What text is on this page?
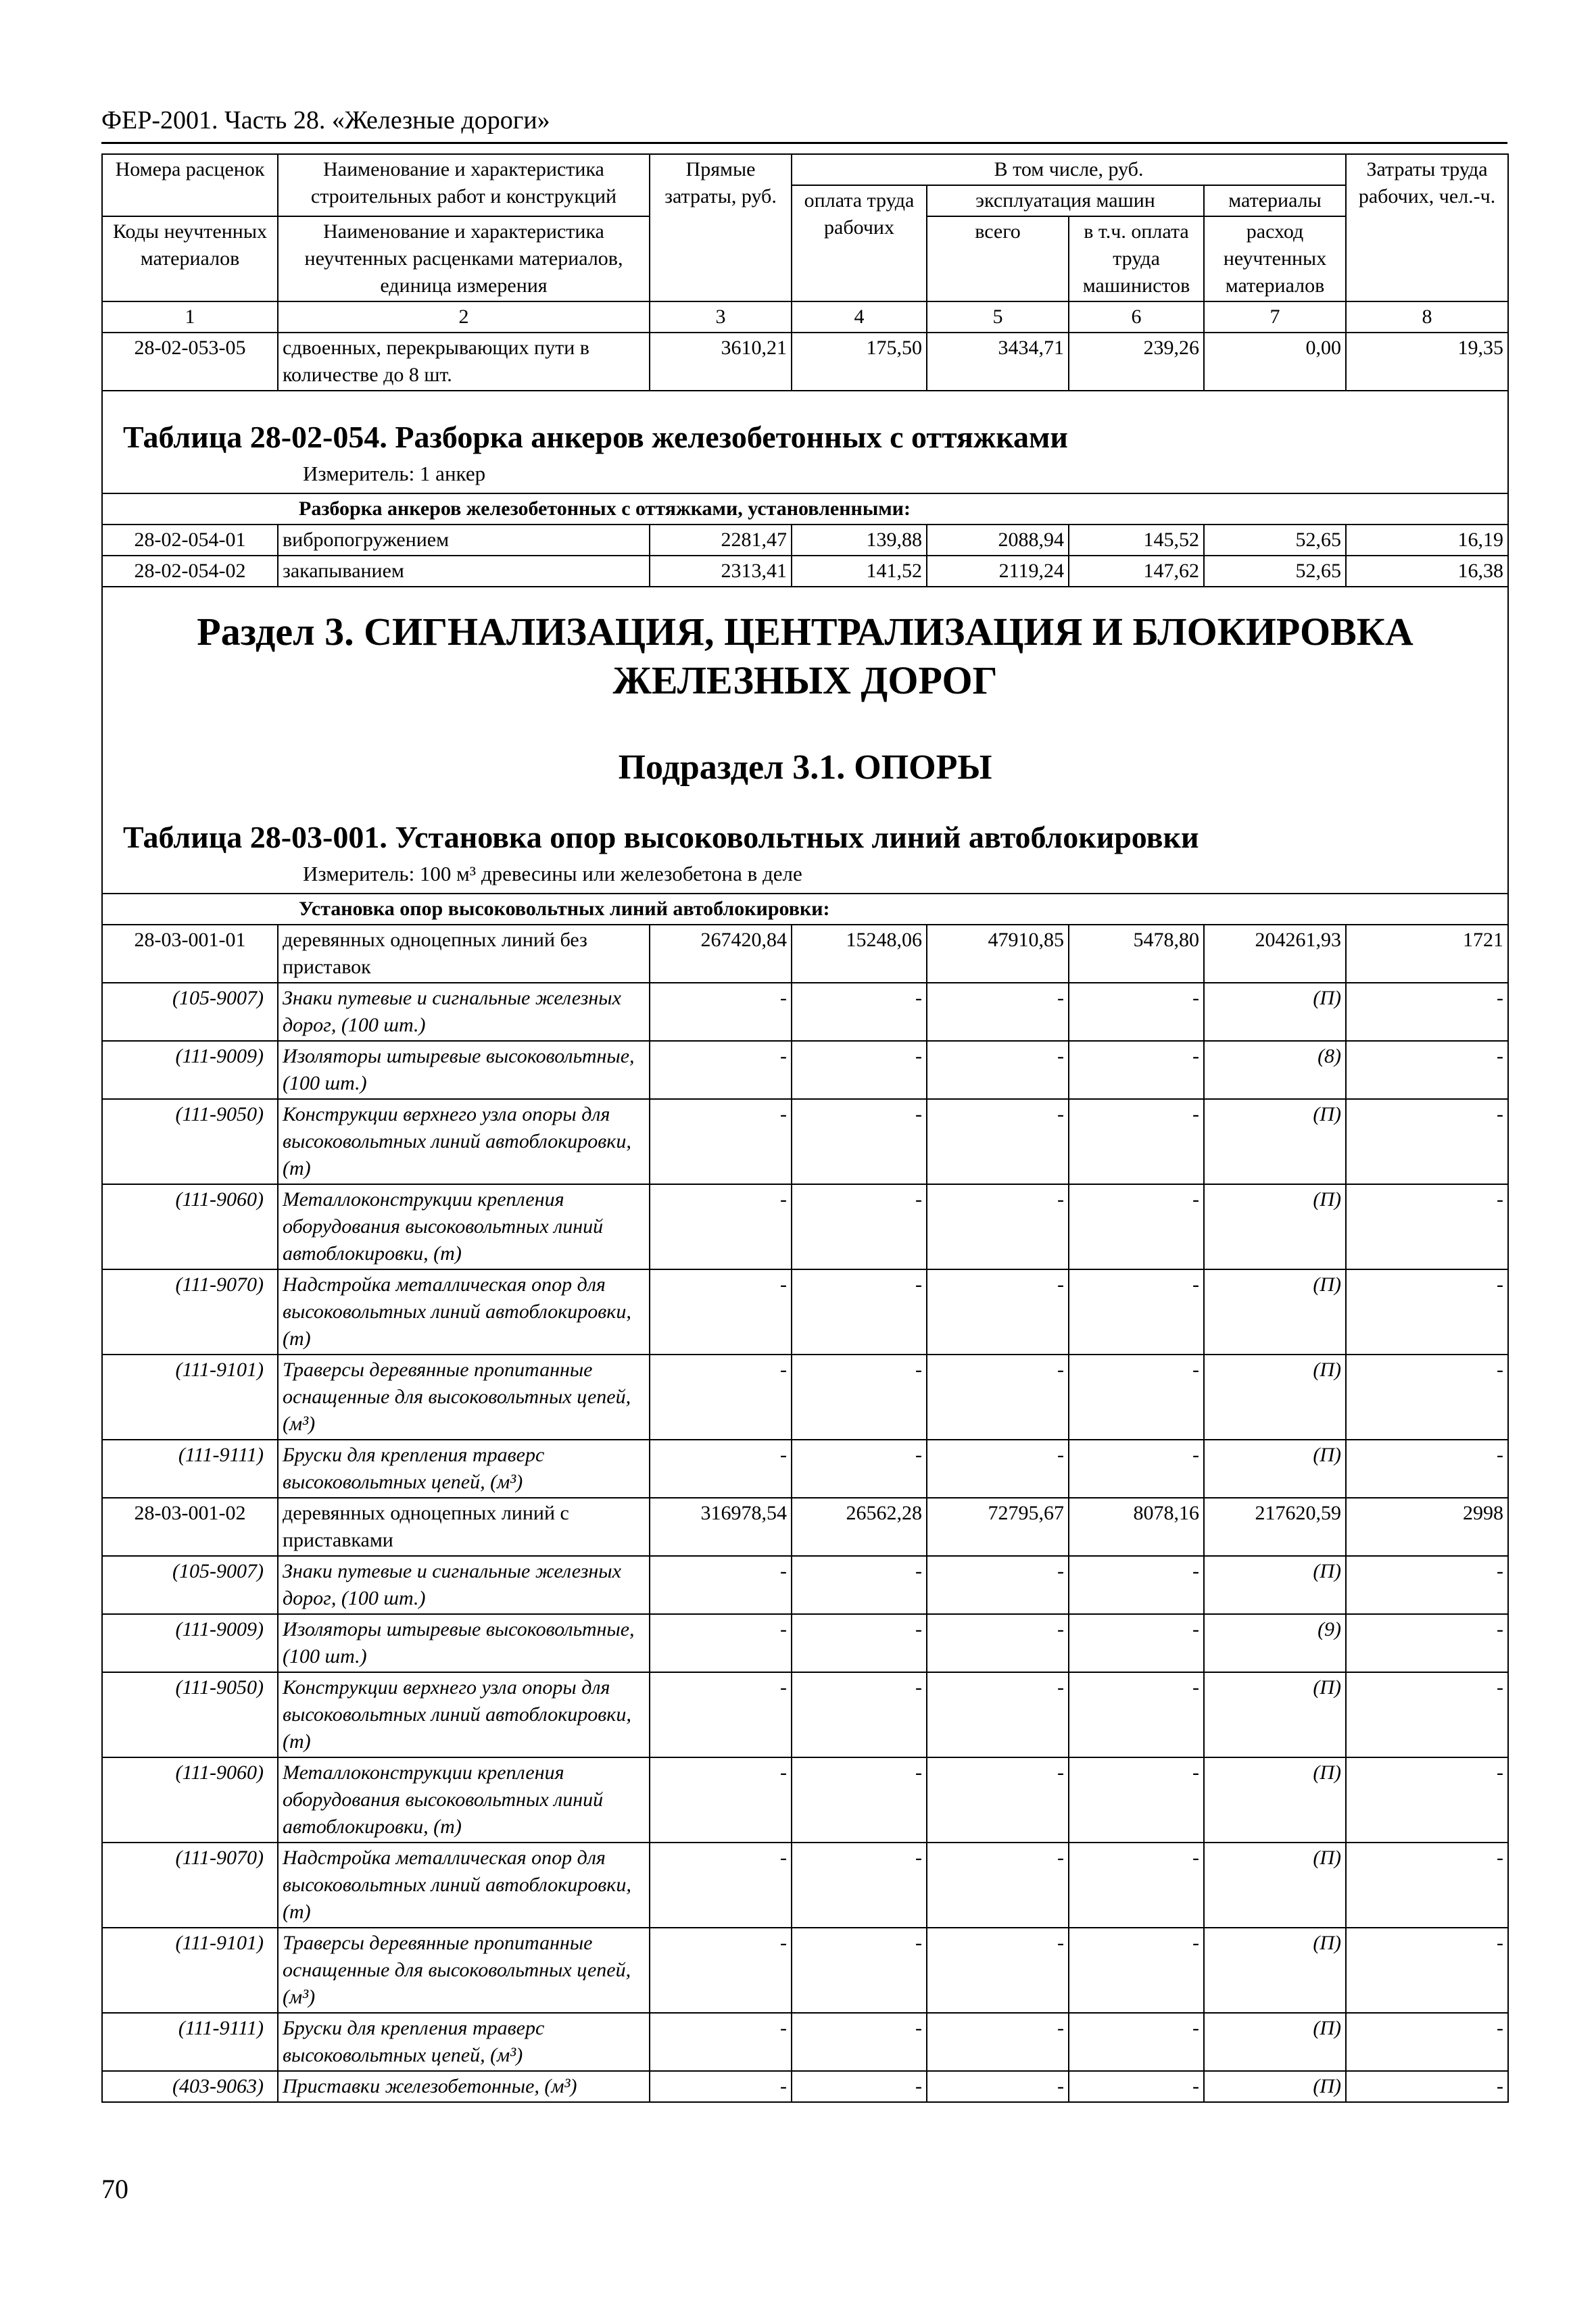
ФЕР-2001. Часть 28. «Железные дороги»
Номера расценок	Наименование и характеристика строительных работ и конструкций	Прямые затраты, руб.	В том числе, руб.				Затраты труда рабочих, чел.-ч.
			оплата труда рабочих	эксплуатация машин		материалы	
				всего	в т.ч. оплата труда машинистов	расход неучтенных материалов	
Коды неучтенных материалов	Наименование и характеристика неучтенных расценками материалов, единица измерения						
1	2	3	4	5	6	7	8
28-02-053-05	сдвоенных, перекрывающих пути в количестве до 8 шт.	3610,21	175,50	3434,71	239,26	0,00	19,35

Таблица 28-02-054. Разборка анкеров железобетонных с оттяжками
Измеритель: 1 анкер							

Разборка анкеров железобетонных с оттяжками, установленными:							
28-02-054-01	вибропогружением	2281,47	139,88	2088,94	145,52	52,65	16,19
28-02-054-02	закапыванием	2313,41	141,52	2119,24	147,62	52,65	16,38

Раздел 3. СИГНАЛИЗАЦИЯ, ЦЕНТРАЛИЗАЦИЯ И БЛОКИРОВКА ЖЕЛЕЗНЫХ ДОРОГ
Подраздел 3.1. ОПОРЫ
Таблица 28-03-001. Установка опор высоковольтных линий автоблокировки
Измеритель: 100 м³ древесины или железобетона в деле							

Установка опор высоковольтных линий автоблокировки:							
28-03-001-01	деревянных одноцепных линий без приставок	267420,84	15248,06	47910,85	5478,80	204261,93	1721
(105-9007)	Знаки путевые и сигнальные железных дорог, (100 шт.)	-	-	-	-	(П)	-
(111-9009)	Изоляторы штыревые высоковольтные, (100 шт.)	-	-	-	-	(8)	-
(111-9050)	Конструкции верхнего узла опоры для высоковольтных линий автоблокировки, (т)	-	-	-	-	(П)	-
(111-9060)	Металлоконструкции крепления оборудования высоковольтных линий автоблокировки, (т)	-	-	-	-	(П)	-
(111-9070)	Надстройка металлическая опор для высоковольтных линий автоблокировки, (т)	-	-	-	-	(П)	-
(111-9101)	Траверсы деревянные пропитанные оснащенные для высоковольтных цепей, (м³)	-	-	-	-	(П)	-
(111-9111)	Бруски для крепления траверс высоковольтных цепей, (м³)	-	-	-	-	(П)	-
28-03-001-02	деревянных одноцепных линий с приставками	316978,54	26562,28	72795,67	8078,16	217620,59	2998
(105-9007)	Знаки путевые и сигнальные железных дорог, (100 шт.)	-	-	-	-	(П)	-
(111-9009)	Изоляторы штыревые высоковольтные, (100 шт.)	-	-	-	-	(9)	-
(111-9050)	Конструкции верхнего узла опоры для высоковольтных линий автоблокировки, (т)	-	-	-	-	(П)	-
(111-9060)	Металлоконструкции крепления оборудования высоковольтных линий автоблокировки, (т)	-	-	-	-	(П)	-
(111-9070)	Надстройка металлическая опор для высоковольтных линий автоблокировки, (т)	-	-	-	-	(П)	-
(111-9101)	Траверсы деревянные пропитанные оснащенные для высоковольтных цепей, (м³)	-	-	-	-	(П)	-
(111-9111)	Бруски для крепления траверс высоковольтных цепей, (м³)	-	-	-	-	(П)	-
(403-9063)	Приставки железобетонные, (м³)	-	-	-	-	(П)	-
70
